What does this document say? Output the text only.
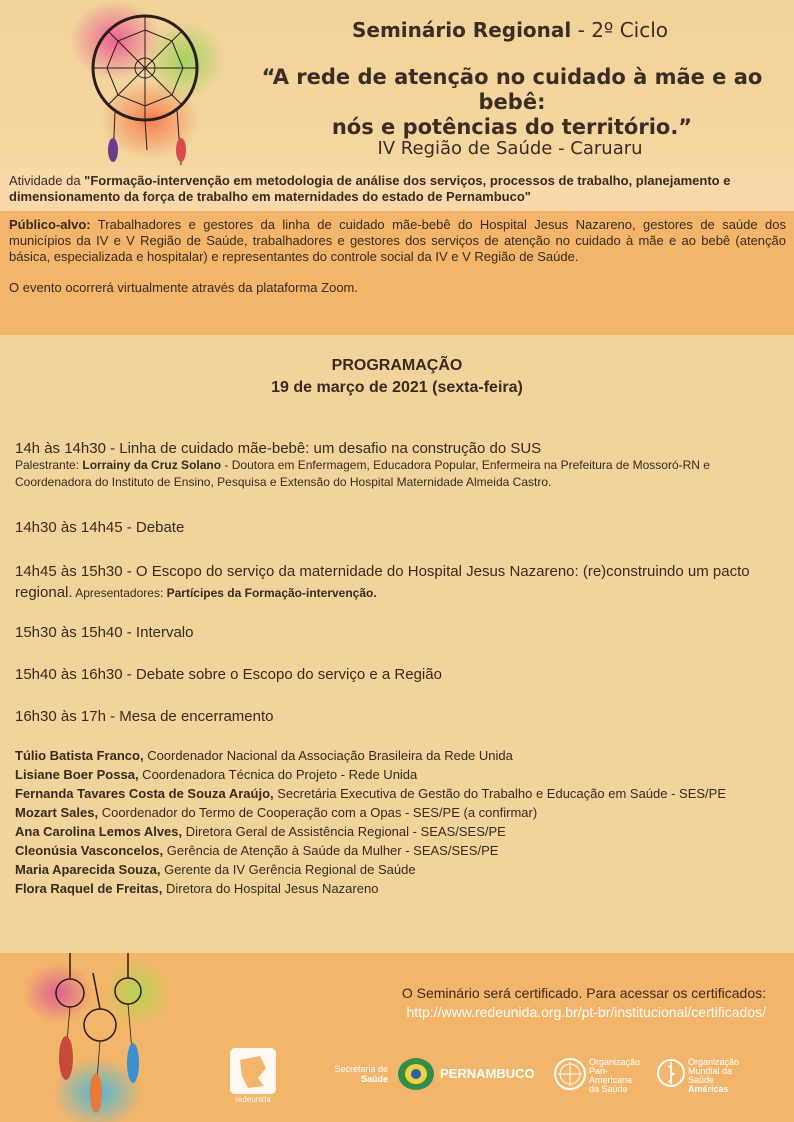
Seminário Regional - 2º Ciclo
“A rede de atenção no cuidado à mãe e ao bebê:
nós e potências do território.”
IV Região de Saúde - Caruaru

Atividade da "Formação-intervenção em metodologia de análise dos serviços, processos de trabalho, planejamento e dimensionamento da força de trabalho em maternidades do estado de Pernambuco"

Público-alvo: Trabalhadores e gestores da linha de cuidado mãe-bebê do Hospital Jesus Nazareno, gestores de saúde dos municípios da IV e V Região de Saúde, trabalhadores e gestores dos serviços de atenção no cuidado à mãe e ao bebê (atenção básica, especializada e hospitalar) e representantes do controle social da IV e V Região de Saúde.

O evento ocorrerá virtualmente através da plataforma Zoom.

PROGRAMAÇÃO
19 de março de 2021 (sexta-feira)
14h às 14h30 - Linha de cuidado mãe-bebê: um desafio na construção do SUS
Palestrante: Lorrainy da Cruz Solano - Doutora em Enfermagem, Educadora Popular, Enfermeira na Prefeitura de Mossoró-RN e Coordenadora do Instituto de Ensino, Pesquisa e Extensão do Hospital Maternidade Almeida Castro.
14h30 às 14h45 - Debate
14h45 às 15h30 - O Escopo do serviço da maternidade do Hospital Jesus Nazareno: (re)construindo um pacto regional. Apresentadores: Partícipes da Formação-intervenção.
15h30 às 15h40 - Intervalo
15h40 às 16h30 - Debate sobre o Escopo do serviço e a Região
16h30 às 17h - Mesa de encerramento
Túlio Batista Franco, Coordenador Nacional da Associação Brasileira da Rede Unida
Lisiane Boer Possa, Coordenadora Técnica do Projeto - Rede Unida
Fernanda Tavares Costa de Souza Araújo, Secretária Executiva de Gestão do Trabalho e Educação em Saúde - SES/PE
Mozart Sales, Coordenador do Termo de Cooperação com a Opas - SES/PE (a confirmar)
Ana Carolina Lemos Alves, Diretora Geral de Assistência Regional - SEAS/SES/PE
Cleonúsia Vasconcelos, Gerência de Atenção à Saúde da Mulher - SEAS/SES/PE
Maria Aparecida Souza, Gerente da IV Gerência Regional de Saúde
Flora Raquel de Freitas, Diretora do Hospital Jesus Nazareno
O Seminário será certificado. Para acessar os certificados:
http://www.redeunida.org.br/pt-br/institucional/certificados/
redeunida
Secretaria de
Saúde	PERNAMBUCO
Organização
Pan-Americana
da Saúde
Organização
Mundial da Saúde
Américas
